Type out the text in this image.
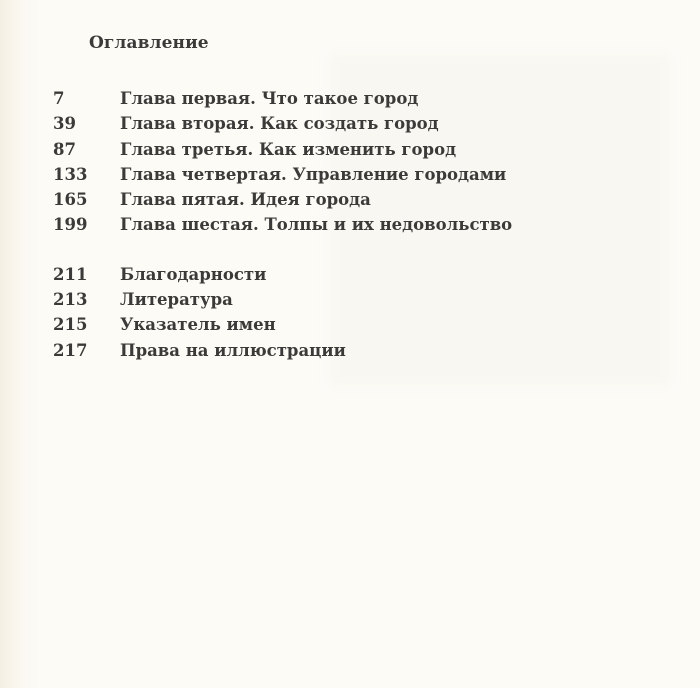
Оглавление
7	Глава первая. Что такое город
39	Глава вторая. Как создать город
87	Глава третья. Как изменить город
133	Глава четвертая. Управление городами
165	Глава пятая. Идея города
199	Глава шестая. Толпы и их недовольство
211	Благодарности
213	Литература
215	Указатель имен
217	Права на иллюстрации
